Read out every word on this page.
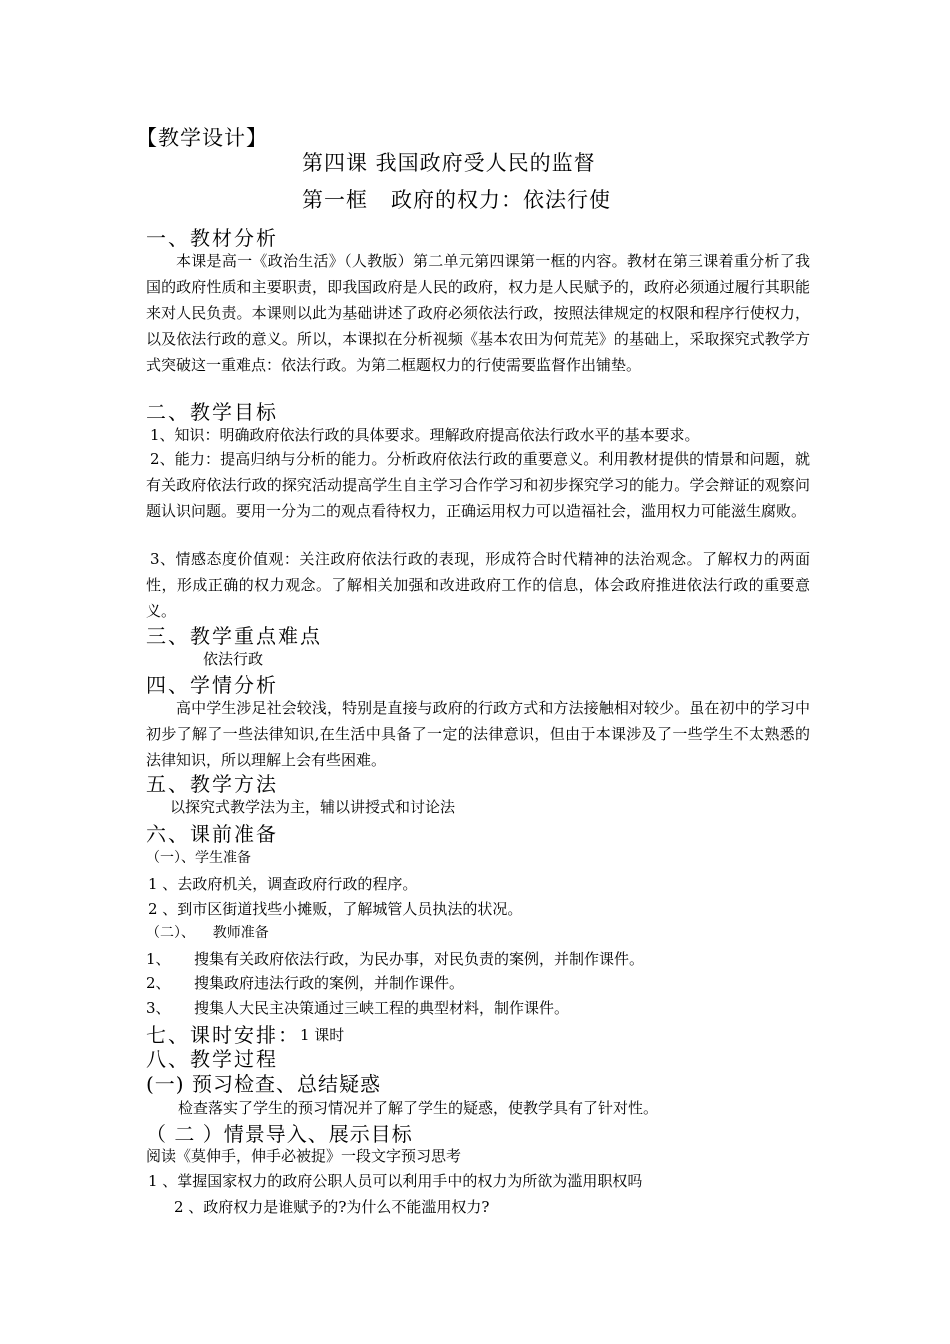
【教学设计】
第四课 我国政府受人民的监督
第一框   政府的权力：依法行使
一、教材分析
本课是高一《政治生活》（人教版）第二单元第四课第一框的内容。教材在第三课着重分析了我国的政府性质和主要职责，即我国政府是人民的政府，权力是人民赋予的，政府必须通过履行其职能来对人民负责。本课则以此为基础讲述了政府必须依法行政，按照法律规定的权限和程序行使权力，以及依法行政的意义。所以，本课拟在分析视频《基本农田为何荒芜》的基础上，采取探究式教学方式突破这一重难点：依法行政。为第二框题权力的行使需要监督作出铺垫。
二、教学目标
1、知识：明确政府依法行政的具体要求。理解政府提高依法行政水平的基本要求。
2、能力：提高归纳与分析的能力。分析政府依法行政的重要意义。利用教材提供的情景和问题，就有关政府依法行政的探究活动提高学生自主学习合作学习和初步探究学习的能力。学会辩证的观察问题认识问题。要用一分为二的观点看待权力，正确运用权力可以造福社会，滥用权力可能滋生腐败。
3、情感态度价值观：关注政府依法行政的表现，形成符合时代精神的法治观念。了解权力的两面性，形成正确的权力观念。了解相关加强和改进政府工作的信息，体会政府推进依法行政的重要意义。
三、教学重点难点
依法行政
四、学情分析
高中学生涉足社会较浅，特别是直接与政府的行政方式和方法接触相对较少。虽在初中的学习中初步了解了一些法律知识,在生活中具备了一定的法律意识，但由于本课涉及了一些学生不太熟悉的法律知识，所以理解上会有些困难。
五、教学方法
以探究式教学法为主，辅以讲授式和讨论法
六、课前准备
（一）、学生准备
1 、去政府机关，调查政府行政的程序。
2 、到市区街道找些小摊贩，了解城管人员执法的状况。
（二）、    教师准备
1、 搜集有关政府依法行政，为民办事，对民负责的案例，并制作课件。
2、 搜集政府违法行政的案例，并制作课件。
3、 搜集人大民主决策通过三峡工程的典型材料，制作课件。
七、课时安排： 1 课时
八、教学过程
(一) 预习检查、总结疑惑
检查落实了学生的预习情况并了解了学生的疑惑，使教学具有了针对性。
（ 二 ）情景导入、展示目标
阅读《莫伸手，伸手必被捉》一段文字预习思考
1 、掌握国家权力的政府公职人员可以利用手中的权力为所欲为滥用职权吗
2 、政府权力是谁赋予的?为什么不能滥用权力?
